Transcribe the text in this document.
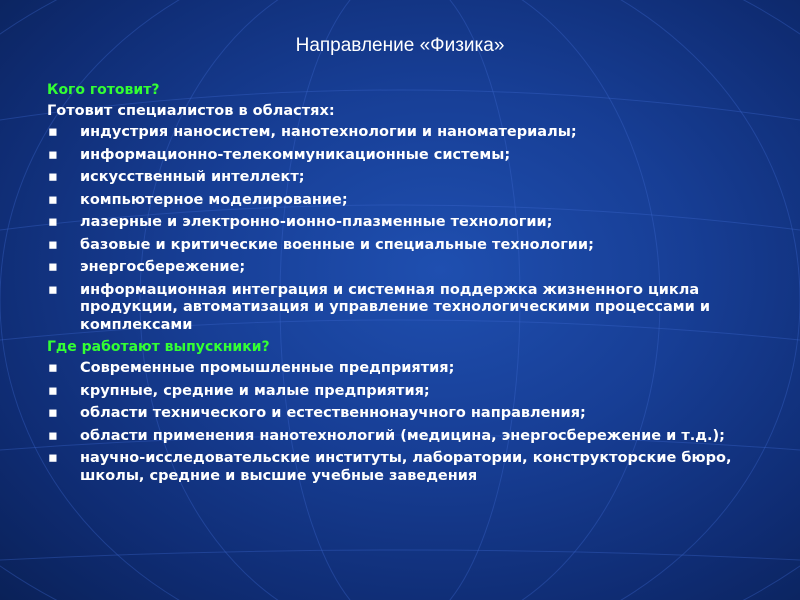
Направление «Физика»
Кого готовит?
Готовит специалистов в областях:
▪ индустрия наносистем, нанотехнологии и наноматериалы;
▪ информационно-телекоммуникационные системы;
▪ искусственный интеллект;
▪ компьютерное моделирование;
▪ лазерные и электронно-ионно-плазменные технологии;
▪ базовые и критические военные и специальные технологии;
▪ энергосбережение;
▪ информационная интеграция и системная поддержка жизненного цикла продукции, автоматизация и управление технологическими процессами и комплексами
Где работают выпускники?
▪ Современные промышленные предприятия;
▪ крупные, средние и малые предприятия;
▪ области технического и естественнонаучного направления;
▪ области применения нанотехнологий (медицина, энергосбережение и т.д.);
▪ научно-исследовательские институты, лаборатории, конструкторские бюро, школы, средние и высшие учебные заведения
